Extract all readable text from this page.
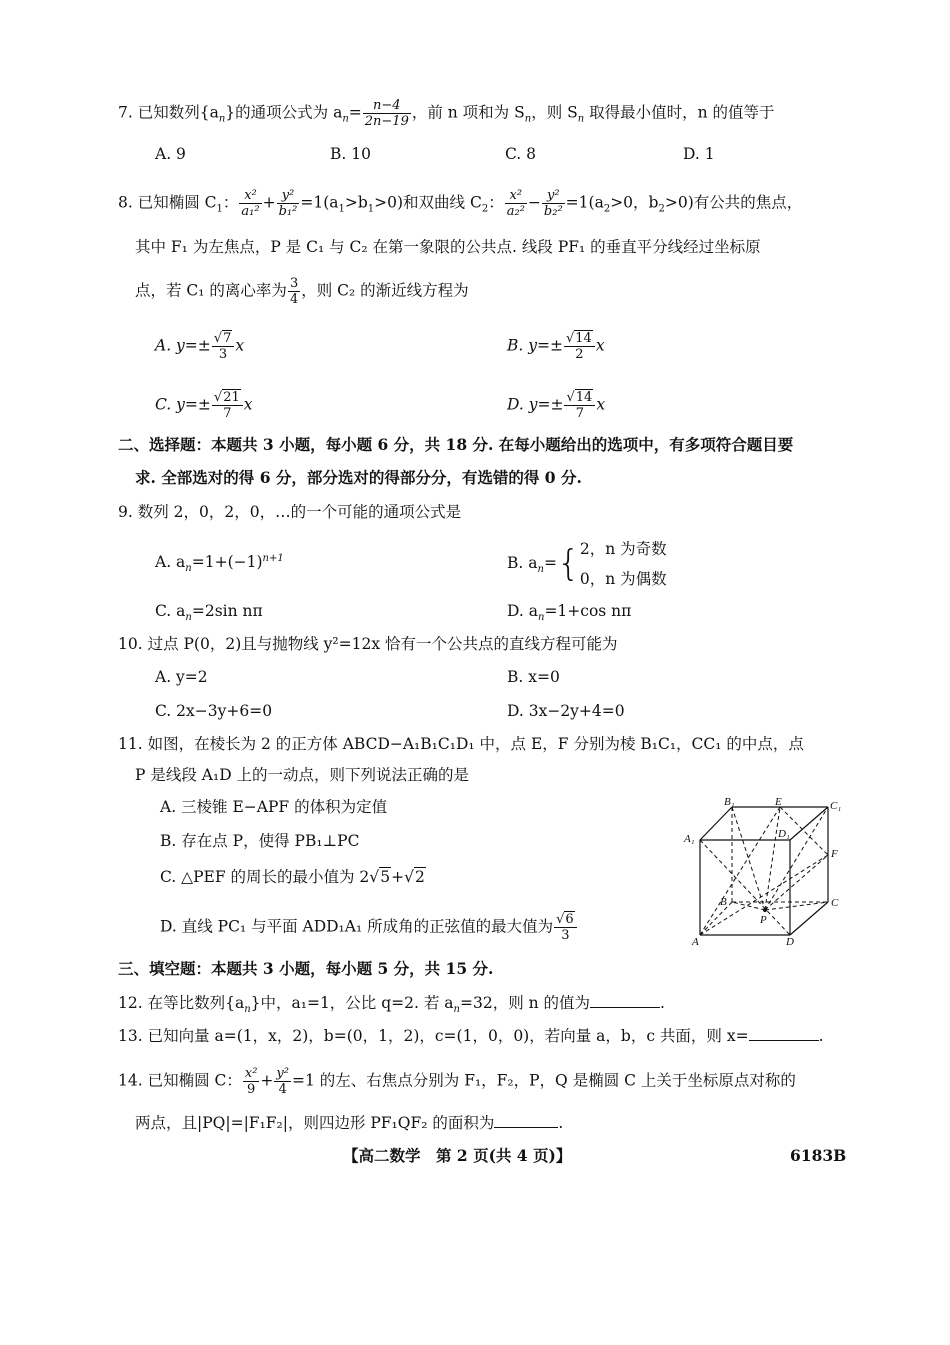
7. 已知数列$\{a_n\}$的通项公式为 $a_n= \frac{n-4}{2n-19}$ ，前 n 项和为 $S_n$，则 $S_n$ 取得最小值时，n 的值等于
A. 9	B. 10	C. 8	D. 1
8. 已知椭圆 $C_1$： $\frac{\text{x²}}{\text{a₁²}} + \frac{\text{y²}}{\text{b₁²}} =1(a_1>b_1>0)$和双曲线 $C_2$： $\frac{\text{x²}}{\text{a₂²}} - \frac{\text{y²}}{\text{b₂²}} =1(a_2>0$，$b_2>0$)有公共的焦点，
其中 F₁ 为左焦点，P 是 C₁ 与 C₂ 在第一象限的公共点. 线段 PF₁ 的垂直平分线经过坐标原
点，若 C₁ 的离心率为 $\frac{3}{4}$ ，则 C₂ 的渐近线方程为
A. $y=\pm \frac{√7}{3}$ x	B. $y=\pm \frac{√14}{2}$ x
C. $y=\pm \frac{√21}{7}$ x	D. $y=\pm \frac{√14}{7}$ x
二、选择题：本题共 3 小题，每小题 6 分，共 18 分. 在每小题给出的选项中，有多项符合题目要
求. 全部选对的得 6 分，部分选对的得部分分，有选错的得 0 分.
9. 数列 2，0，2，0，…的一个可能的通项公式是
A. $a_n=1+(-1)^{n+1}$	B. $a_n=${ 2，n 为奇数
0，n 为偶数
C. $a_n=2\sin$ nπ	D. $a_n=1+\cos$ nπ
10. 过点 P(0，2)且与抛物线 y²=12x 恰有一个公共点的直线方程可能为
A. y=2	B. x=0
C. 2x−3y+6=0	D. 3x−2y+4=0
11. 如图，在棱长为 2 的正方体 ABCD−A₁B₁C₁D₁ 中，点 E，F 分别为棱 B₁C₁，CC₁ 的中点，点
P 是线段 A₁D 上的一动点，则下列说法正确的是
A. 三棱锥 E−APF 的体积为定值
B. 存在点 P，使得 PB₁⊥PC
C. △PEF 的周长的最小值为 2√5+√2
D. 直线 PC₁ 与平面 ADD₁A₁ 所成角的正弦值的最大值为 $\frac{√6}{3}$
B₁	E	C₁
A₁	D₁
F
B
P
C
A	D
三、填空题：本题共 3 小题，每小题 5 分，共 15 分.
12. 在等比数列$\{a_n\}$中，a₁=1，公比 q=2. 若 $a_n=32$，则 n 的值为	.
13. 已知向量 a=(1，x，2)，b=(0，1，2)，c=(1，0，0)，若向量 a，b，c 共面，则 x=	.
14. 已知椭圆 C： $\frac{\text{x²}}{9} + \frac{\text{y²}}{4} =1$ 的左、右焦点分别为 F₁，F₂，P，Q 是椭圆 C 上关于坐标原点对称的
两点，且|PQ|=|F₁F₂|，则四边形 PF₁QF₂ 的面积为	.
【高二数学　第 2 页(共 4 页)】	6183B
